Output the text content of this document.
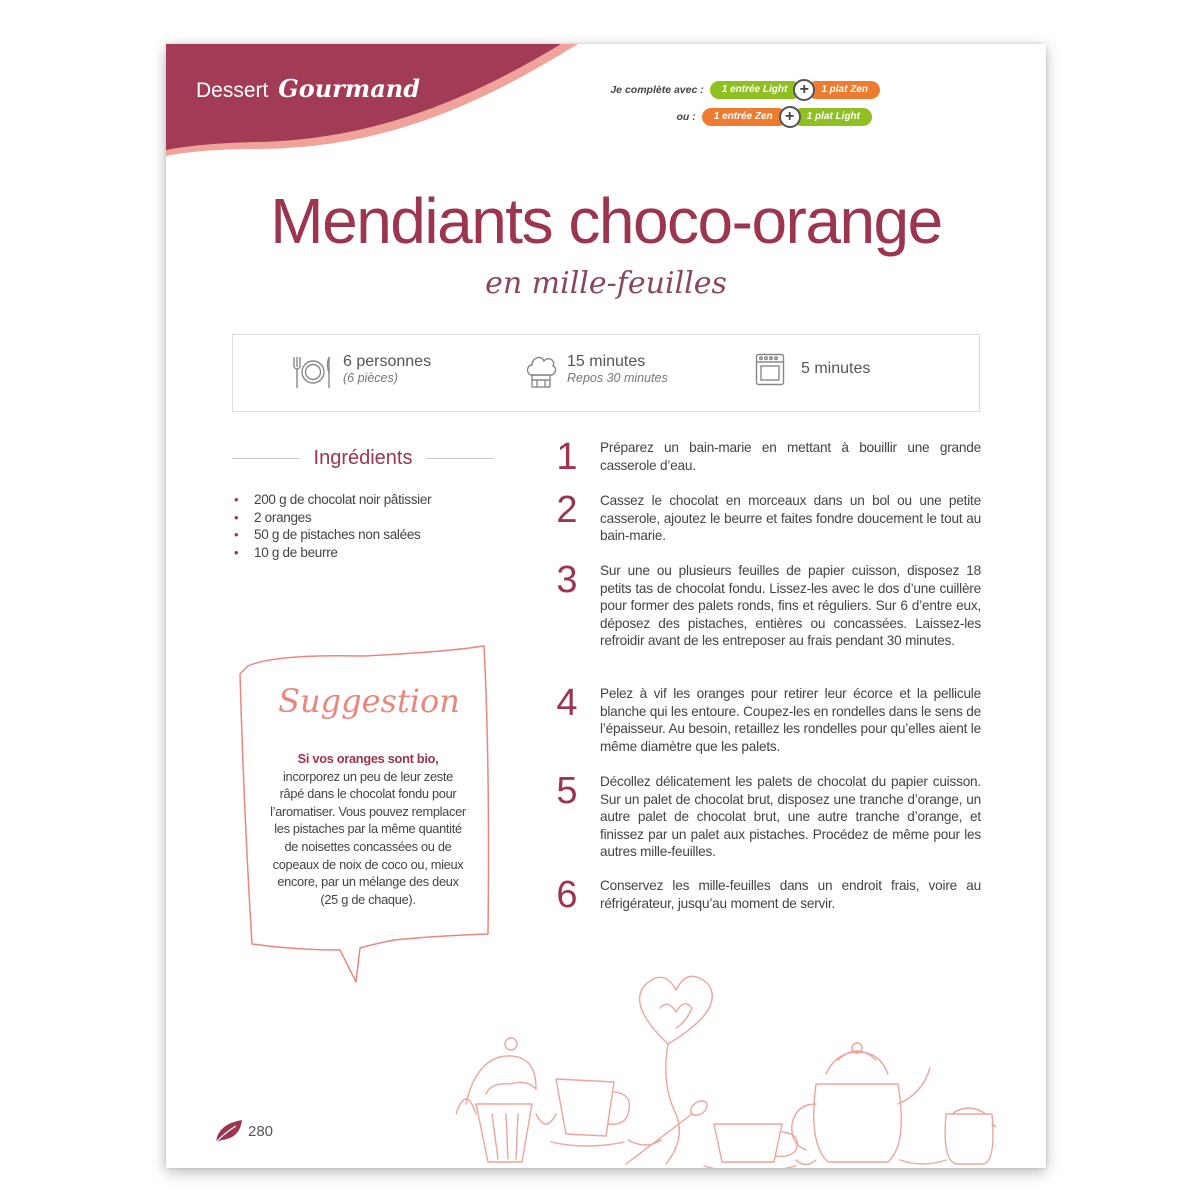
Dessert Gourmand	Je complète avec :	1 entrée Light +	1 plat Zen
ou :	1 entrée Zen +	1 plat Light
Mendiants choco-orange
en mille-feuilles
6 personnes
(6 pièces)
15 minutes
Repos 30 minutes
5 minutes
Ingrédients
• 200 g de chocolat noir pâtissier
• 2 oranges
• 50 g de pistaches non salées
• 10 g de beurre
Suggestion
Si vos oranges sont bio,
incorporez un peu de leur zeste râpé dans le chocolat fondu pour l’aromatiser. Vous pouvez remplacer les pistaches par la même quantité de noisettes concassées ou de copeaux de noix de coco ou, mieux encore, par un mélange des deux (25 g de chaque).
1	Préparez un bain-marie en mettant à bouillir une grande casserole d’eau.
2	Cassez le chocolat en morceaux dans un bol ou une petite casserole, ajoutez le beurre et faites fondre doucement le tout au bain-marie.
3	Sur une ou plusieurs feuilles de papier cuisson, disposez 18 petits tas de chocolat fondu. Lissez-les avec le dos d’une cuillère pour former des palets ronds, fins et réguliers. Sur 6 d’entre eux, déposez des pistaches, entières ou concassées. Laissez-les refroidir avant de les entreposer au frais pendant 30 minutes.
4	Pelez à vif les oranges pour retirer leur écorce et la pellicule blanche qui les entoure. Coupez-les en rondelles dans le sens de l’épaisseur. Au besoin, retaillez les rondelles pour qu’elles aient le même diamètre que les palets.
5	Décollez délicatement les palets de chocolat du papier cuisson. Sur un palet de chocolat brut, disposez une tranche d’orange, un autre palet de chocolat brut, une autre tranche d’orange, et finissez par un palet aux pistaches. Procédez de même pour les autres mille-feuilles.
6	Conservez les mille-feuilles dans un endroit frais, voire au réfrigérateur, jusqu’au moment de servir.
280
